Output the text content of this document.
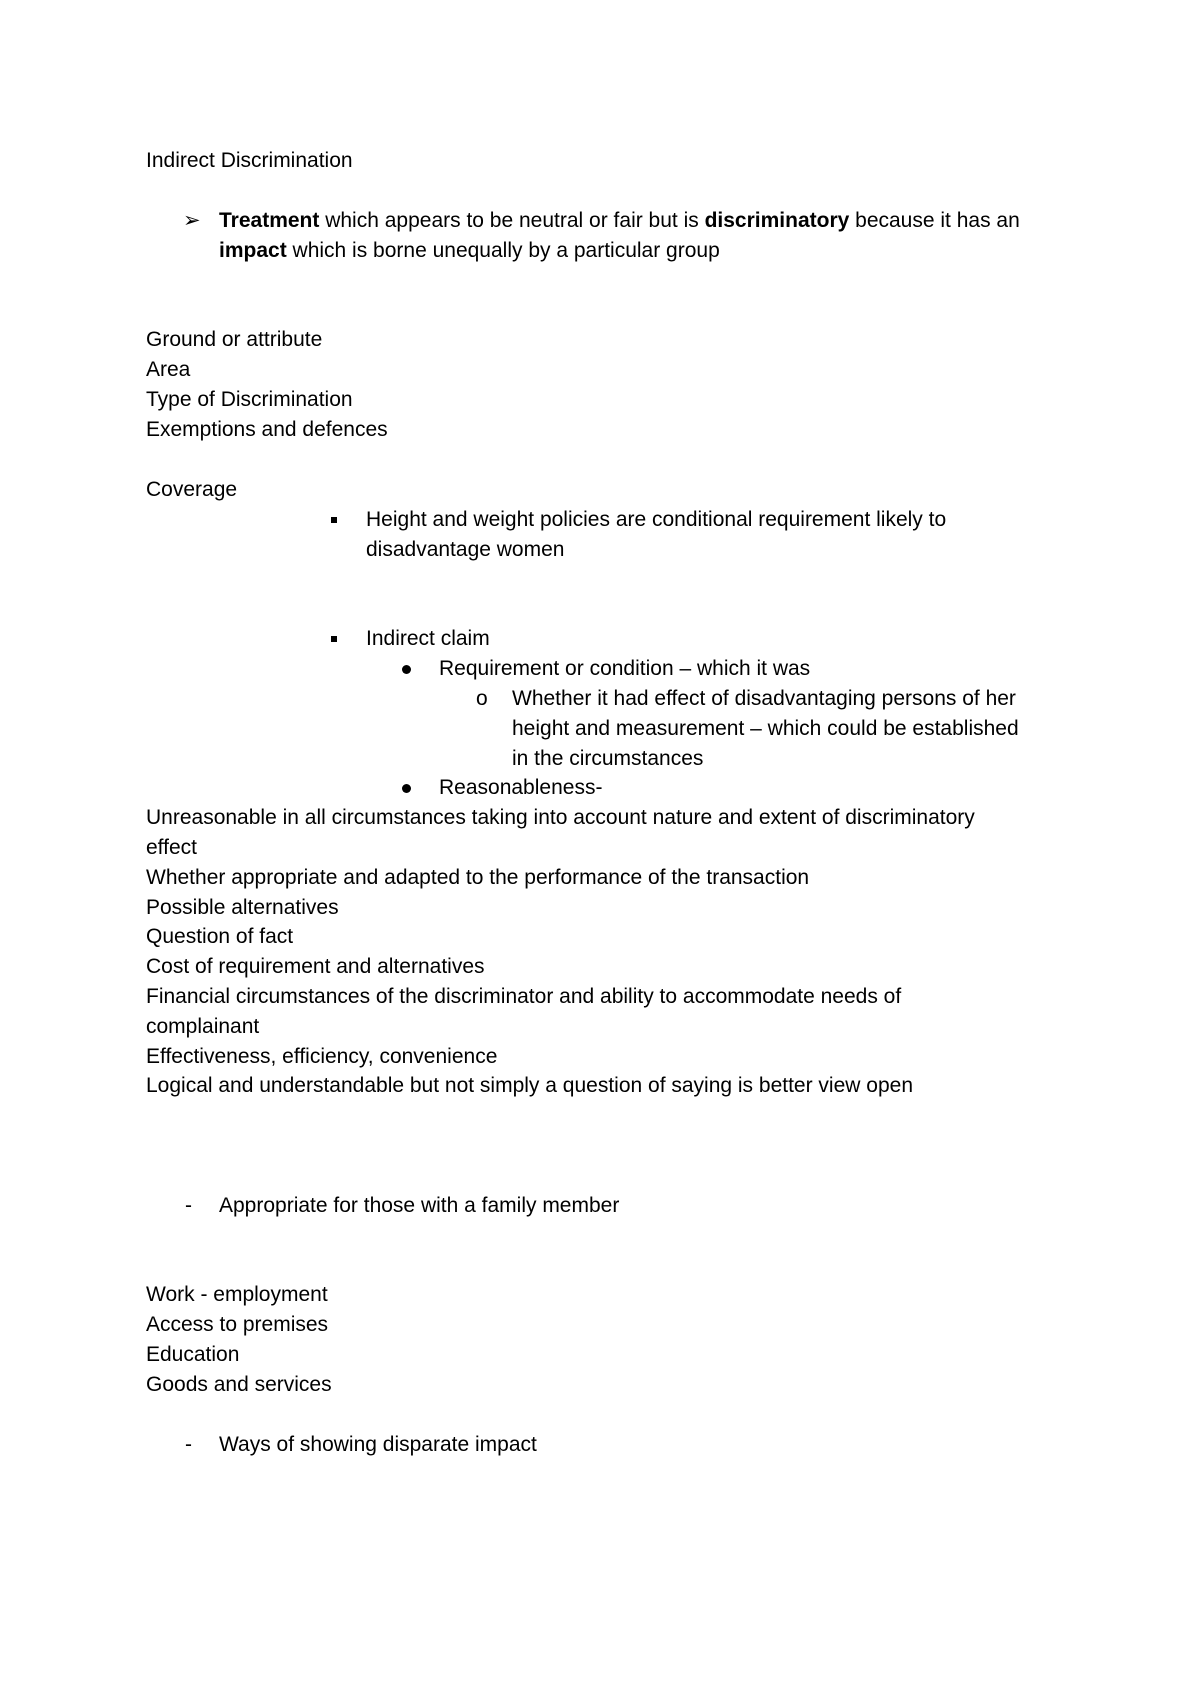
Indirect Discrimination
➢ Treatment which appears to be neutral or fair but is discriminatory because it has an
impact which is borne unequally by a particular group
Ground or attribute
Area
Type of Discrimination
Exemptions and defences
Coverage
Height and weight policies are conditional requirement likely to
disadvantage women
Indirect claim
Requirement or condition – which it was
o Whether it had effect of disadvantaging persons of her
height and measurement – which could be established
in the circumstances
Reasonableness-
Unreasonable in all circumstances taking into account nature and extent of discriminatory
effect
Whether appropriate and adapted to the performance of the transaction
Possible alternatives
Question of fact
Cost of requirement and alternatives
Financial circumstances of the discriminator and ability to accommodate needs of
complainant
Effectiveness, efficiency, convenience
Logical and understandable but not simply a question of saying is better view open
- Appropriate for those with a family member
Work - employment
Access to premises
Education
Goods and services
- Ways of showing disparate impact
